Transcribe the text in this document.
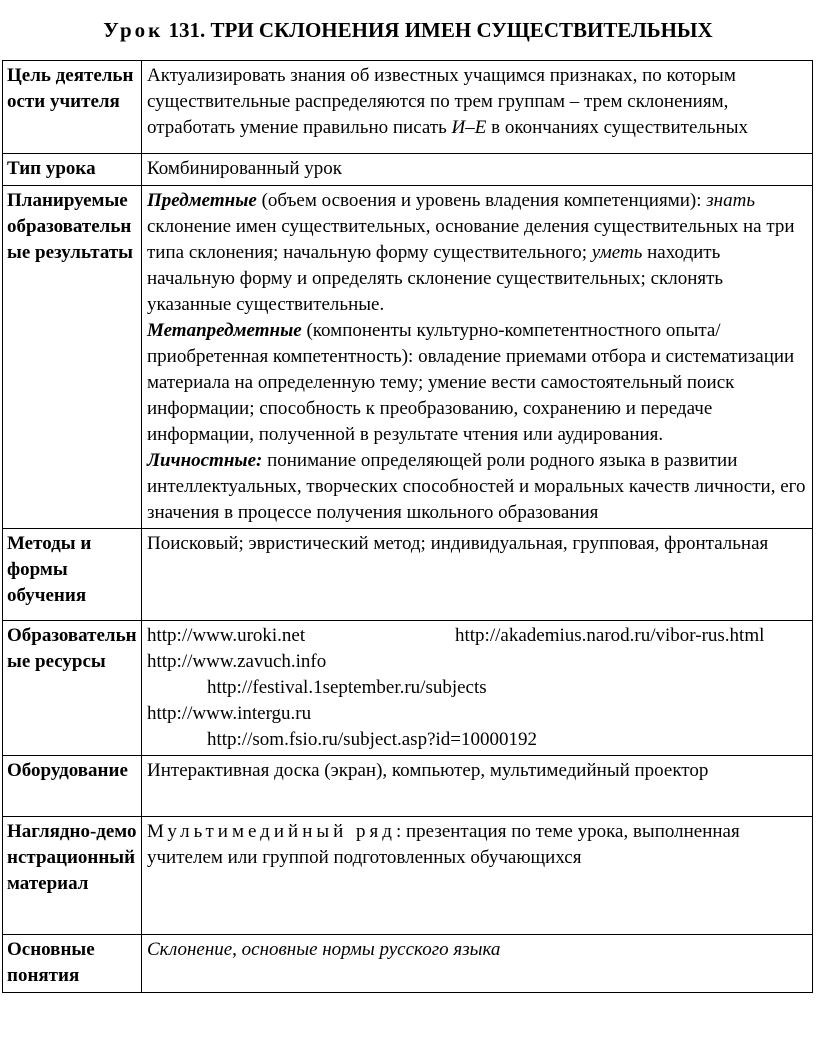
Урок 131. ТРИ СКЛОНЕНИЯ ИМЕН СУЩЕСТВИТЕЛЬНЫХ
Цель деятельности учителя	Актуализировать знания об известных учащимся признаках, по которым существительные распределяются по трем группам – трем склонениям, отработать умение правильно писать И–Е в окончаниях существительных
Тип урока	Комбинированный урок
Планируемые образовательные результаты	Предметные (объем освоения и уровень владения компетенциями): знать склонение имен существительных, основание деления существительных на три типа склонения; начальную форму существительного; уметь находить начальную форму и определять склонение существительных; склонять указанные существительные.
Метапредметные (компоненты культурно-компетентностного опыта/приобретенная компетентность): овладение приемами отбора и систематизации материала на определенную тему; умение вести самостоятельный поиск информации; способность к преобразованию, сохранению и передаче информации, полученной в результате чтения или аудирования.
Личностные: понимание определяющей роли родного языка в развитии интеллектуальных, творческих способностей и моральных качеств личности, его значения в процессе получения школьного образования
Методы и формы обучения	Поисковый; эвристический метод; индивидуальная, групповая, фронтальная
Образовательные ресурсы	http://www.uroki.net http://akademius.narod.ru/vibor-rus.html
http://www.zavuch.info
http://festival.1september.ru/subjects
http://www.intergu.ru
http://som.fsio.ru/subject.asp?id=10000192

Оборудование	Интерактивная доска (экран), компьютер, мультимедийный проектор
Наглядно-демонстрационный материал	Мультимедийный ряд: презентация по теме урока, выполненная учителем или группой подготовленных обучающихся
Основные понятия	Склонение, основные нормы русского языка
